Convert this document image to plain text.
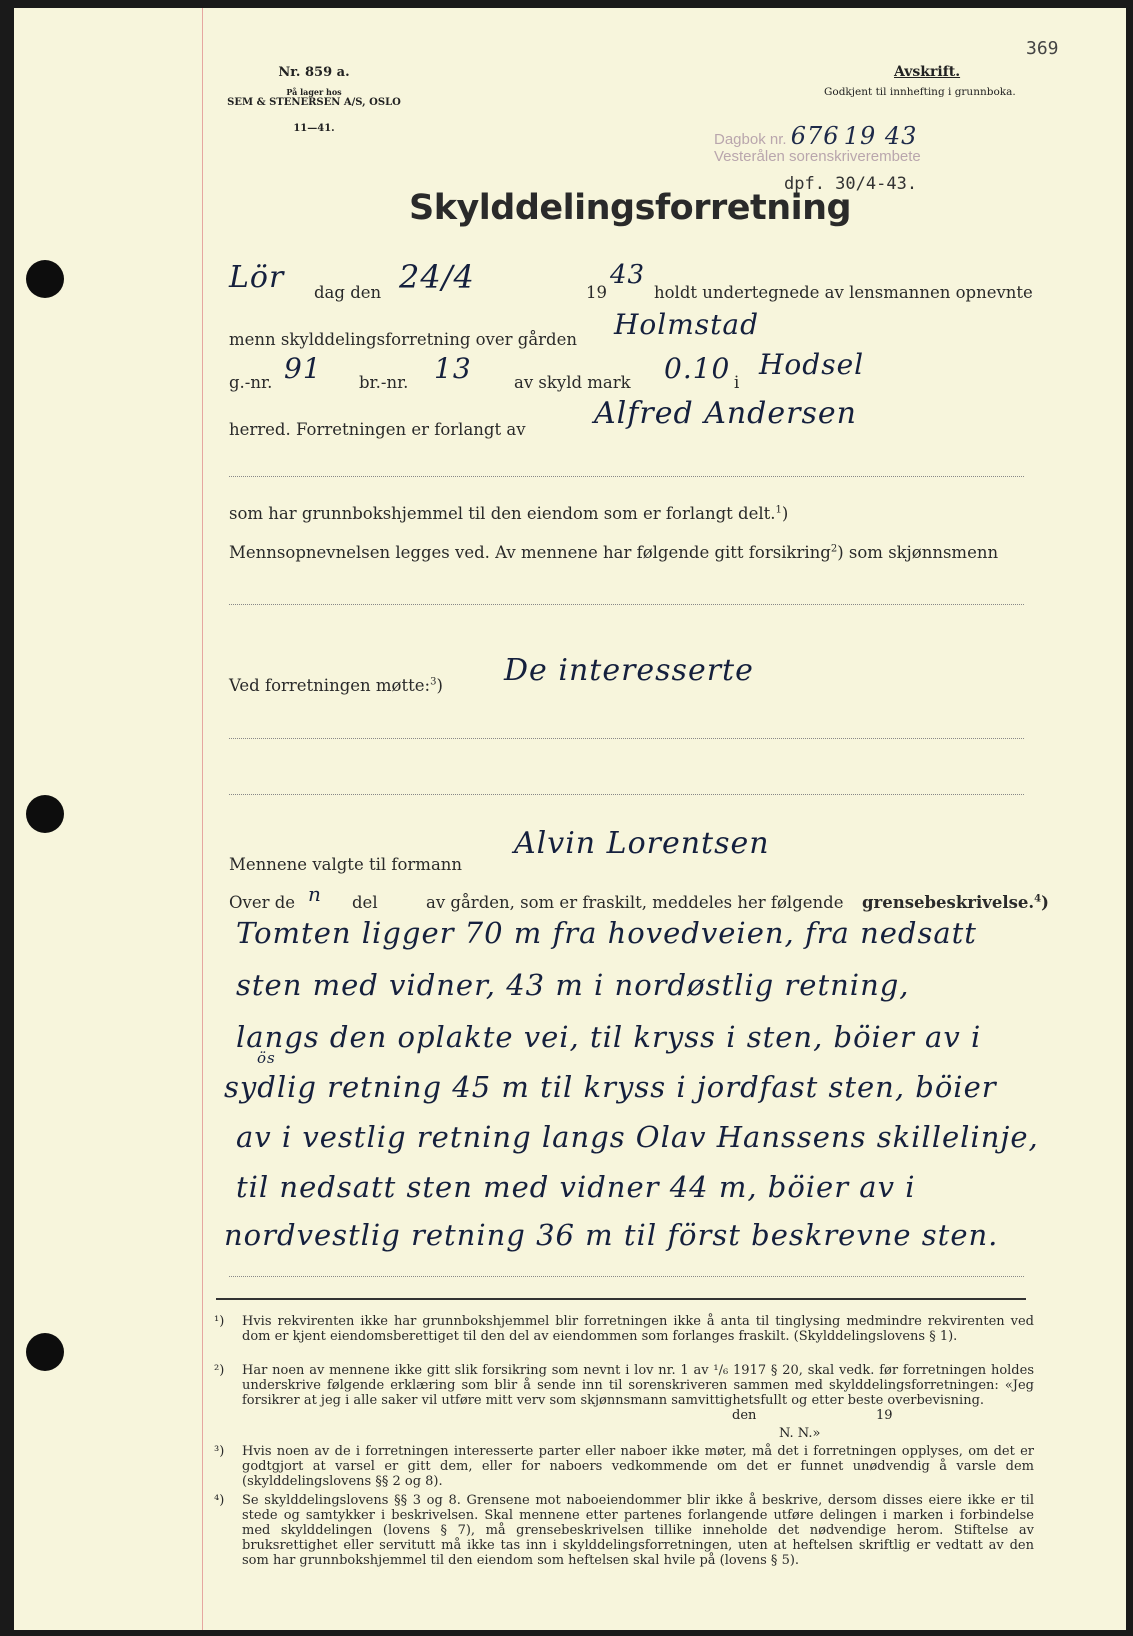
Nr. 859 a.
På lager hos
SEM & STENERSEN A/S, OSLO
11—41.
369
Avskrift.
Godkjent til innhefting i grunnboka.
Dagbok nr. 676 19 43
Vesterålen sorenskriverembete
dpf. 30/4-43.
Skylddelingsforretning
Lör dag den 24/4	19
43
holdt undertegnede av lensmannen opnevnte
menn skylddelingsforretning over gården Holmstad
g.-nr. 91 br.-nr. 13	av skyld mark 0.10 i
Hodsel
herred. Forretningen er forlangt av Alfred Andersen
som har grunnbokshjemmel til den eiendom som er forlangt delt.$^1$)
Mennsopnevnelsen legges ved. Av mennene har følgende gitt forsikring$^2$) som skjønnsmenn
Ved forretningen møtte:$^3$) De interesserte
Mennene valgte til formann
Alvin Lorentsen
Over de n del	av gården, som er fraskilt, meddeles her følgende grensebeskrivelse.$^4$)
Tomten ligger 70 m fra hovedveien, fra nedsatt
sten med vidner, 43 m i nordøstlig retning,
langs den oplakte vei, til kryss i sten, böier av i
ös
sydlig retning 45 m til kryss i jordfast sten, böier
av i vestlig retning langs Olav Hanssens skillelinje,
til nedsatt sten med vidner 44 m, böier av i
nordvestlig retning 36 m til först beskrevne sten.
¹) Hvis rekvirenten ikke har grunnbokshjemmel blir forretningen ikke å anta til tinglysing medmindre rekvirenten ved dom er kjent eiendomsberettiget til den del av eiendommen som forlanges fraskilt. (Skylddelingslovens § 1).
²) Har noen av mennene ikke gitt slik forsikring som nevnt i lov nr. 1 av ¹/₆ 1917 § 20, skal vedk. før forretningen holdes underskrive følgende erklæring som blir å sende inn til sorenskriveren sammen med skylddelingsforretningen: «Jeg forsikrer at jeg i alle saker vil utføre mitt verv som skjønnsmann samvittighetsfullt og etter beste overbevisning.
den	19
N. N.»
³) Hvis noen av de i forretningen interesserte parter eller naboer ikke møter, må det i forretningen opplyses, om det er godtgjort at varsel er gitt dem, eller for naboers vedkommende om det er funnet unødvendig å varsle dem (skylddelingslovens §§ 2 og 8).
⁴) Se skylddelingslovens §§ 3 og 8. Grensene mot naboeiendommer blir ikke å beskrive, dersom disses eiere ikke er til stede og samtykker i beskrivelsen. Skal mennene etter partenes forlangende utføre delingen i marken i forbindelse med skylddelingen (lovens § 7), må grensebeskrivelsen tillike inneholde det nødvendige herom. Stiftelse av bruksrettighet eller servitutt må ikke tas inn i skylddelingsforretningen, uten at heftelsen skriftlig er vedtatt av den som har grunnbokshjemmel til den eiendom som heftelsen skal hvile på (lovens § 5).
